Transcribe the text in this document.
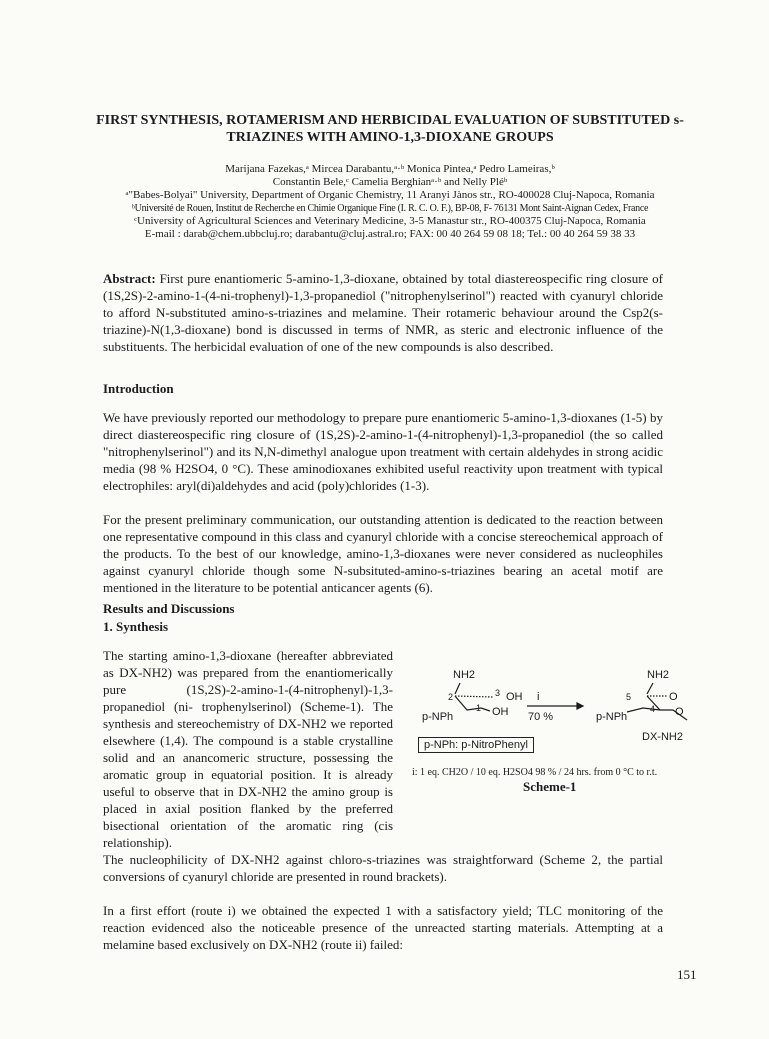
FIRST SYNTHESIS, ROTAMERISM AND HERBICIDAL EVALUATION OF SUBSTITUTED s-TRIAZINES WITH AMINO-1,3-DIOXANE GROUPS
Marijana Fazekas,ᵃ Mircea Darabantu,ᵃ·ᵇ Monica Pintea,ᵃ Pedro Lameiras,ᵇ
Constantin Bele,ᶜ Camelia Berghianᵃ·ᵇ and Nelly Pléᵇ
ᵃ"Babes-Bolyai" University, Department of Organic Chemistry, 11 Aranyi Jànos str., RO-400028 Cluj-Napoca, Romania
ᵇUniversité de Rouen, Institut de Recherche en Chimie Organique Fine (I. R. C. O. F.), BP-08, F- 76131 Mont Saint-Aignan Cedex, France
ᶜUniversity of Agricultural Sciences and Veterinary Medicine, 3-5 Manastur str., RO-400375 Cluj-Napoca, Romania
E-mail : darab@chem.ubbcluj.ro; darabantu@cluj.astral.ro; FAX: 00 40 264 59 08 18; Tel.: 00 40 264 59 38 33
Abstract: First pure enantiomeric 5-amino-1,3-dioxane, obtained by total diastereospecific ring closure of (1S,2S)-2-amino-1-(4-ni-trophenyl)-1,3-propanediol ("nitrophenylserinol") reacted with cyanuryl chloride to afford N-substituted amino-s-triazines and melamine. Their rotameric behaviour around the Csp2(s-triazine)-N(1,3-dioxane) bond is discussed in terms of NMR, as steric and electronic influence of the substituents. The herbicidal evaluation of one of the new compounds is also described.
Introduction
We have previously reported our methodology to prepare pure enantiomeric 5-amino-1,3-dioxanes (1-5) by direct diastereospecific ring closure of (1S,2S)-2-amino-1-(4-nitrophenyl)-1,3-propanediol (the so called "nitrophenylserinol") and its N,N-dimethyl analogue upon treatment with certain aldehydes in strong acidic media (98 % H2SO4, 0 °C). These aminodioxanes exhibited useful reactivity upon treatment with typical electrophiles: aryl(di)aldehydes and acid (poly)chlorides (1-3).
For the present preliminary communication, our outstanding attention is dedicated to the reaction between one representative compound in this class and cyanuryl chloride with a concise stereochemical approach of the products. To the best of our knowledge, amino-1,3-dioxanes were never considered as nucleophiles against cyanuryl chloride though some N-subsituted-amino-s-triazines bearing an acetal motif are mentioned in the literature to be potential anticancer agents (6).
Results and Discussions
1. Synthesis
The starting amino-1,3-dioxane (hereafter abbreviated as DX-NH2) was prepared from the enantiomerically pure (1S,2S)-2-amino-1-(4-nitrophenyl)-1,3-propanediol (ni- trophenylserinol) (Scheme-1). The synthesis and stereochemistry of DX-NH2 we reported elsewhere (1,4). The compound is a stable crystalline solid and an anancomeric structure, possessing the aromatic group in equatorial position. It is already useful to observe that in DX-NH2 the amino group is placed in axial position flanked by the preferred bisectional orientation of the aromatic ring (cis relationship).
NH2
2	3 OH
1 OH
p-NPh
i
70 %
NH2
5	O
4 O
p-NPh
DX-NH2
p-NPh: p-NitroPhenyl
i: 1 eq. CH2O / 10 eq. H2SO4 98 % / 24 hrs. from 0 °C to r.t.
Scheme-1
The nucleophilicity of DX-NH2 against chloro-s-triazines was straightforward (Scheme 2, the partial conversions of cyanuryl chloride are presented in round brackets).
In a first effort (route i) we obtained the expected 1 with a satisfactory yield; TLC monitoring of the reaction evidenced also the noticeable presence of the unreacted starting materials. Attempting at a melamine based exclusively on DX-NH2 (route ii) failed:
151
